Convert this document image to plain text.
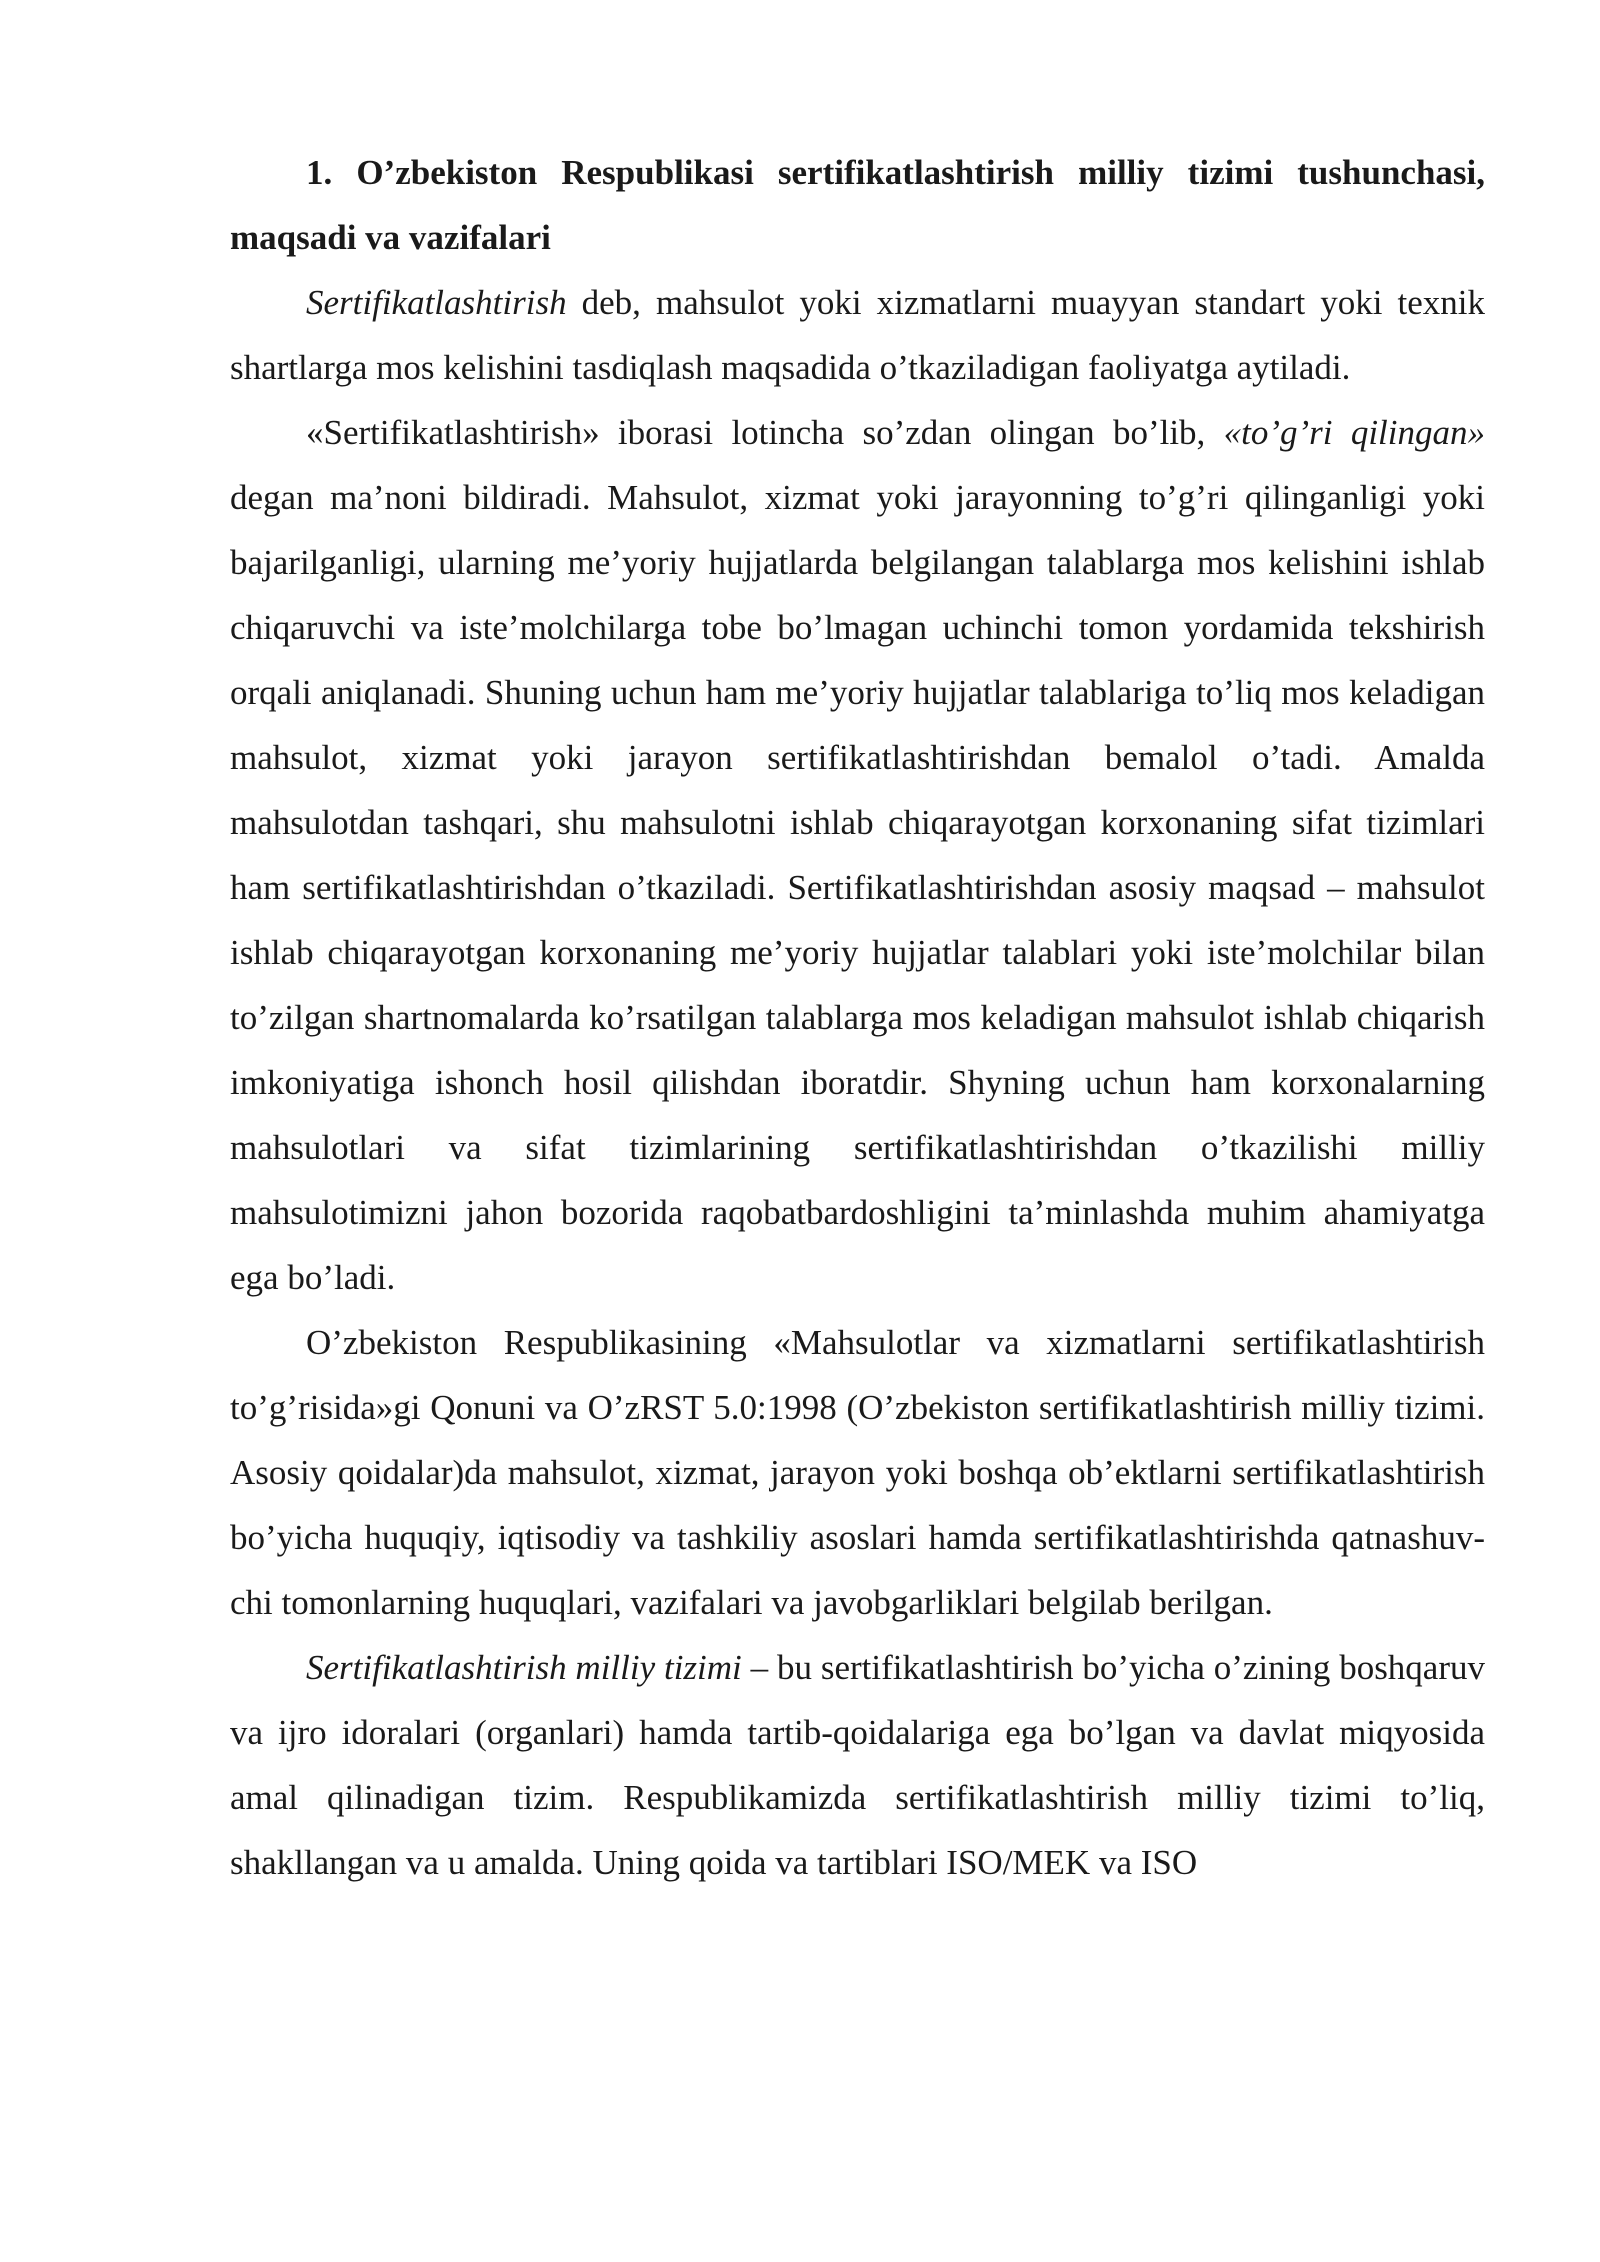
1. O’zbekiston Respublikasi sertifikatlashtirish milliy tizimi tushunchasi, maqsadi va vazifalari

Sertifikatlashtirish deb, mahsulot yoki xizmatlarni muayyan standart yoki texnik shartlarga mos kelishini tasdiqlash maqsadida o’tkaziladigan faoliyatga aytiladi.

«Sertifikatlashtirish» iborasi lotincha so’zdan olingan bo’lib, «to’g’ri qilingan» degan ma’noni bildiradi. Mahsulot, xizmat yoki jarayonning to’g’ri qilinganligi yoki bajarilganligi, ularning me’yoriy hujjatlarda belgilangan talablarga mos kelishini ishlab chiqaruvchi va iste’molchilarga tobe bo’lmagan uchinchi tomon yordamida tekshirish orqali aniqlanadi. Shuning uchun ham me’yoriy hujjatlar talablariga to’liq mos keladigan mahsulot, xizmat yoki jarayon sertifikatlashtirishdan bemalol o’tadi. Amalda mahsulotdan tashqari, shu mahsulotni ishlab chiqarayotgan korxonaning sifat tizimlari ham sertifikatlashtirishdan o’tkaziladi. Sertifikatlashtirishdan asosiy maqsad – mahsulot ishlab chiqarayotgan korxonaning me’yoriy hujjatlar talablari yoki iste’molchilar bilan to’zilgan shartnomalarda ko’rsatilgan talablarga mos keladigan mahsulot ishlab chiqarish imkoniyatiga ishonch hosil qilishdan iboratdir. Shyning uchun ham korxonalarning mahsulotlari va sifat tizimlarining sertifikatlashtirishdan o’tkazilishi milliy mahsulotimizni jahon bozorida raqobatbardoshligini ta’minlashda muhim ahamiyatga ega bo’ladi.

O’zbekiston Respublikasining «Mahsulotlar va xizmatlarni sertifikatlashtirish to’g’risida»gi Qonuni va O’zRST 5.0:1998 (O’zbekiston sertifikatlashtirish milliy tizimi. Asosiy qoidalar)da mahsulot, xizmat, jarayon yoki boshqa ob’ektlarni sertifikatlashtirish bo’yicha huquqiy, iqtisodiy va tashkiliy asoslari hamda sertifikatlashtirishda qatnashuv-chi tomonlarning huquqlari, vazifalari va javobgarliklari belgilab berilgan.

Sertifikatlashtirish milliy tizimi – bu sertifikatlashtirish bo’yicha o’zining boshqaruv va ijro idoralari (organlari) hamda tartib-qoidalariga ega bo’lgan va davlat miqyosida amal qilinadigan tizim. Respublikamizda sertifikatlashtirish milliy tizimi to’liq, shakllangan va u amalda. Uning qoida va tartiblari ISO/MEK va ISO
